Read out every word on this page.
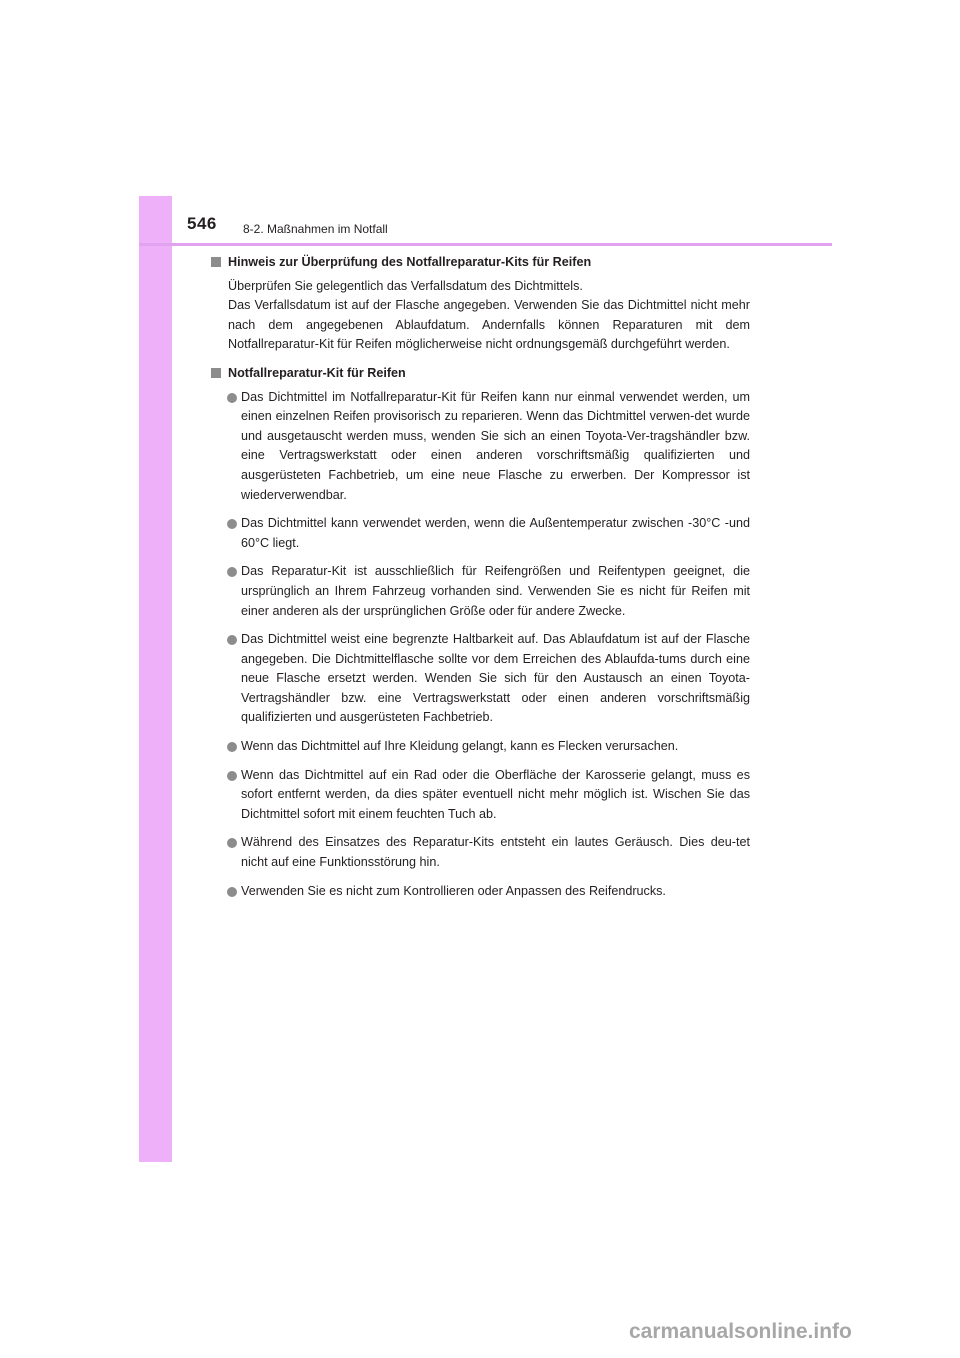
546 8-2. Maßnahmen im Notfall

Hinweis zur Überprüfung des Notfallreparatur-Kits für Reifen

Überprüfen Sie gelegentlich das Verfallsdatum des Dichtmittels.

Das Verfallsdatum ist auf der Flasche angegeben. Verwenden Sie das Dichtmittel nicht mehr nach dem angegebenen Ablaufdatum. Andernfalls können Reparaturen mit dem Notfallreparatur-Kit für Reifen möglicherweise nicht ordnungsgemäß durchgeführt werden.

Notfallreparatur-Kit für Reifen

Das Dichtmittel im Notfallreparatur-Kit für Reifen kann nur einmal verwendet werden, um einen einzelnen Reifen provisorisch zu reparieren. Wenn das Dichtmittel verwen-det wurde und ausgetauscht werden muss, wenden Sie sich an einen Toyota-Ver-tragshändler bzw. eine Vertragswerkstatt oder einen anderen vorschriftsmäßig qualifizierten und ausgerüsteten Fachbetrieb, um eine neue Flasche zu erwerben. Der Kompressor ist wiederverwendbar.
Das Dichtmittel kann verwendet werden, wenn die Außentemperatur zwischen -30°C -und 60°C liegt.
Das Reparatur-Kit ist ausschließlich für Reifengrößen und Reifentypen geeignet, die ursprünglich an Ihrem Fahrzeug vorhanden sind. Verwenden Sie es nicht für Reifen mit einer anderen als der ursprünglichen Größe oder für andere Zwecke.
Das Dichtmittel weist eine begrenzte Haltbarkeit auf. Das Ablaufdatum ist auf der Flasche angegeben. Die Dichtmittelflasche sollte vor dem Erreichen des Ablaufda-tums durch eine neue Flasche ersetzt werden. Wenden Sie sich für den Austausch an einen Toyota-Vertragshändler bzw. eine Vertragswerkstatt oder einen anderen vorschriftsmäßig qualifizierten und ausgerüsteten Fachbetrieb.
Wenn das Dichtmittel auf Ihre Kleidung gelangt, kann es Flecken verursachen.
Wenn das Dichtmittel auf ein Rad oder die Oberfläche der Karosserie gelangt, muss es sofort entfernt werden, da dies später eventuell nicht mehr möglich ist. Wischen Sie das Dichtmittel sofort mit einem feuchten Tuch ab.
Während des Einsatzes des Reparatur-Kits entsteht ein lautes Geräusch. Dies deu-tet nicht auf eine Funktionsstörung hin.
Verwenden Sie es nicht zum Kontrollieren oder Anpassen des Reifendrucks.
carmanualsonline.info
